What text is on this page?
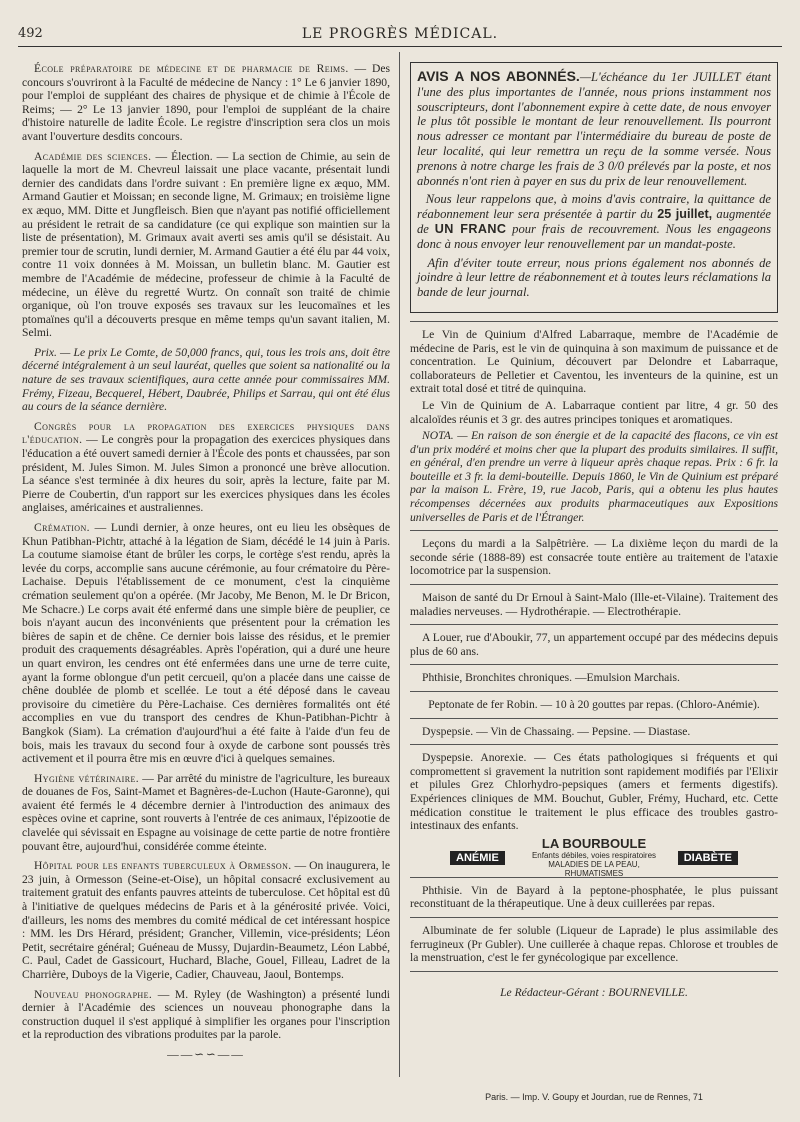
492	LE PROGRÈS MÉDICAL.

École préparatoire de médecine et de pharmacie de Reims. — Des concours s'ouvriront à la Faculté de médecine de Nancy : 1° Le 6 janvier 1890, pour l'emploi de suppléant des chaires de physique et de chimie à l'École de Reims; — 2° Le 13 janvier 1890, pour l'emploi de suppléant de la chaire d'histoire naturelle de ladite École. Le registre d'inscription sera clos un mois avant l'ouverture desdits concours.

Académie des sciences. — Élection. — La section de Chimie, au sein de laquelle la mort de M. Chevreul laissait une place vacante, présentait lundi dernier des candidats dans l'ordre suivant : En première ligne ex æquo, MM. Armand Gautier et Moissan; en seconde ligne, M. Grimaux; en troisième ligne ex æquo, MM. Ditte et Jungfleisch. Bien que n'ayant pas notifié officiellement au président le retrait de sa candidature (ce qui explique son maintien sur la liste de présentation), M. Grimaux avait averti ses amis qu'il se désistait. Au premier tour de scrutin, lundi dernier, M. Armand Gautier a été élu par 44 voix, contre 11 voix données à M. Moissan, un bulletin blanc. M. Gautier est membre de l'Académie de médecine, professeur de chimie à la Faculté de médecine, un élève du regretté Wurtz. On connaît son traité de chimie organique, où l'on trouve exposés ses travaux sur les leucomaïnes et les ptomaïnes qu'il a découverts presque en même temps qu'un savant italien, M. Selmi.

Prix. — Le prix Le Comte, de 50,000 francs, qui, tous les trois ans, doit être décerné intégralement à un seul lauréat, quelles que soient sa nationalité ou la nature de ses travaux scientifiques, aura cette année pour commissaires MM. Frémy, Fizeau, Becquerel, Hébert, Daubrée, Philips et Sarrau, qui ont été élus au cours de la séance dernière.

Congrès pour la propagation des exercices physiques dans l'éducation. — Le congrès pour la propagation des exercices physiques dans l'éducation a été ouvert samedi dernier à l'École des ponts et chaussées, par son président, M. Jules Simon. M. Jules Simon a prononcé une brève allocution. La séance s'est terminée à dix heures du soir, après la lecture, faite par M. Pierre de Coubertin, d'un rapport sur les exercices physiques dans les écoles anglaises, américaines et australiennes.

Crémation. — Lundi dernier, à onze heures, ont eu lieu les obsèques de Khun Patibhan-Pichtr, attaché à la légation de Siam, décédé le 14 juin à Paris. La coutume siamoise étant de brûler les corps, le cortège s'est rendu, après la levée du corps, accomplie sans aucune cérémonie, au four crématoire du Père-Lachaise. Depuis l'établissement de ce monument, c'est la cinquième crémation seulement qu'on a opérée. (Mr Jacoby, Me Benon, M. le Dr Bricon, Me Schacre.) Le corps avait été enfermé dans une simple bière de peuplier, ce bois n'ayant aucun des inconvénients que présentent pour la crémation les bières de sapin et de chêne. Ce dernier bois laisse des résidus, et le premier produit des craquements désagréables. Après l'opération, qui a duré une heure un quart environ, les cendres ont été enfermées dans une urne de terre cuite, ayant la forme oblongue d'un petit cercueil, qu'on a placée dans une caisse de chêne doublée de plomb et scellée. Le tout a été déposé dans le caveau provisoire du cimetière du Père-Lachaise. Ces dernières formalités ont été accomplies en vue du transport des cendres de Khun-Patibhan-Pichtr à Bangkok (Siam). La crémation d'aujourd'hui a été faite à l'aide d'un feu de bois, mais les travaux du second four à oxyde de carbone sont poussés très activement et il pourra être mis en œuvre d'ici à quelques semaines.

Hygiène vétérinaire. — Par arrêté du ministre de l'agriculture, les bureaux de douanes de Fos, Saint-Mamet et Bagnères-de-Luchon (Haute-Garonne), qui avaient été fermés le 4 décembre dernier à l'introduction des animaux des espèces ovine et caprine, sont rouverts à l'entrée de ces animaux, l'épizootie de clavelée qui sévissait en Espagne au voisinage de cette partie de notre frontière pouvant être, aujourd'hui, considérée comme éteinte.

Hôpital pour les enfants tuberculeux à Ormesson. — On inaugurera, le 23 juin, à Ormesson (Seine-et-Oise), un hôpital consacré exclusivement au traitement gratuit des enfants pauvres atteints de tuberculose. Cet hôpital est dû à l'initiative de quelques médecins de Paris et à la générosité privée. Voici, d'ailleurs, les noms des membres du comité médical de cet intéressant hospice : MM. les Drs Hérard, président; Grancher, Villemin, vice-présidents; Léon Petit, secrétaire général; Guéneau de Mussy, Dujardin-Beaumetz, Léon Labbé, C. Paul, Cadet de Gassicourt, Huchard, Blache, Gouel, Filleau, Ladret de la Charrière, Duboys de la Vigerie, Cadier, Chauveau, Jaoul, Bontemps.

Nouveau phonographe. — M. Ryley (de Washington) a présenté lundi dernier à l'Académie des sciences un nouveau phonographe dans la construction duquel il s'est appliqué à simplifier les organes pour l'inscription et la reproduction des vibrations produites par la parole.

——∽∽——

AVIS A NOS ABONNÉS.—L'échéance du 1er JUILLET étant l'une des plus importantes de l'année, nous prions instamment nos souscripteurs, dont l'abonnement expire à cette date, de nous envoyer le plus tôt possible le montant de leur renouvellement. Ils pourront nous adresser ce montant par l'intermédiaire du bureau de poste de leur localité, qui leur remettra un reçu de la somme versée. Nous prenons à notre charge les frais de 3 0/0 prélevés par la poste, et nos abonnés n'ont rien à payer en sus du prix de leur renouvellement.

Nous leur rappelons que, à moins d'avis contraire, la quittance de réabonnement leur sera présentée à partir du 25 juillet, augmentée de UN FRANC pour frais de recouvrement. Nous les engageons donc à nous envoyer leur renouvellement par un mandat-poste.

Afin d'éviter toute erreur, nous prions également nos abonnés de joindre à leur lettre de réabonnement et à toutes leurs réclamations la bande de leur journal.

Le Vin de Quinium d'Alfred Labarraque, membre de l'Académie de médecine de Paris, est le vin de quinquina à son maximum de puissance et de concentration. Le Quinium, découvert par Delondre et Labarraque, collaborateurs de Pelletier et Caventou, les inventeurs de la quinine, est un extrait total dosé et titré de quinquina.

Le Vin de Quinium de A. Labarraque contient par litre, 4 gr. 50 des alcaloïdes réunis et 3 gr. des autres principes toniques et aromatiques.

NOTA. — En raison de son énergie et de la capacité des flacons, ce vin est d'un prix modéré et moins cher que la plupart des produits similaires. Il suffit, en général, d'en prendre un verre à liqueur après chaque repas. Prix : 6 fr. la bouteille et 3 fr. la demi-bouteille. Depuis 1860, le Vin de Quinium est préparé par la maison L. Frère, 19, rue Jacob, Paris, qui a obtenu les plus hautes récompenses décernées aux produits pharmaceutiques aux Expositions universelles de Paris et de l'Étranger.

Leçons du mardi a la Salpêtrière. — La dixième leçon du mardi de la seconde série (1888-89) est consacrée toute entière au traitement de l'ataxie locomotrice par la suspension.

Maison de santé du Dr Ernoul à Saint-Malo (Ille-et-Vilaine). Traitement des maladies nerveuses. — Hydrothérapie. — Electrothérapie.

A Louer, rue d'Aboukir, 77, un appartement occupé par des médecins depuis plus de 60 ans.

Phthisie, Bronchites chroniques. —Emulsion Marchais.

Peptonate de fer Robin. — 10 à 20 gouttes par repas. (Chloro-Anémie).

Dyspepsie. — Vin de Chassaing. — Pepsine. — Diastase.

Dyspepsie. Anorexie. — Ces états pathologiques si fréquents et qui compromettent si gravement la nutrition sont rapidement modifiés par l'Elixir et pilules Grez Chlorhydro-pepsiques (amers et ferments digestifs). Expériences cliniques de MM. Bouchut, Gubler, Frémy, Huchard, etc. Cette médication constitue le traitement le plus efficace des troubles gastro-intestinaux des enfants.

LA BOURBOULE
ANÉMIE	Enfants débiles, voies respiratoires MALADIES DE LA PEAU, RHUMATISMES
DIABÈTE

Phthisie. Vin de Bayard à la peptone-phosphatée, le plus puissant reconstituant de la thérapeutique. Une à deux cuillerées par repas.

Albuminate de fer soluble (Liqueur de Laprade) le plus assimilable des ferrugineux (Pr Gubler). Une cuillerée à chaque repas. Chlorose et troubles de la menstruation, c'est le fer gynécologique par excellence.

Le Rédacteur-Gérant : BOURNEVILLE.

Paris. — Imp. V. Goupy et Jourdan, rue de Rennes, 71
